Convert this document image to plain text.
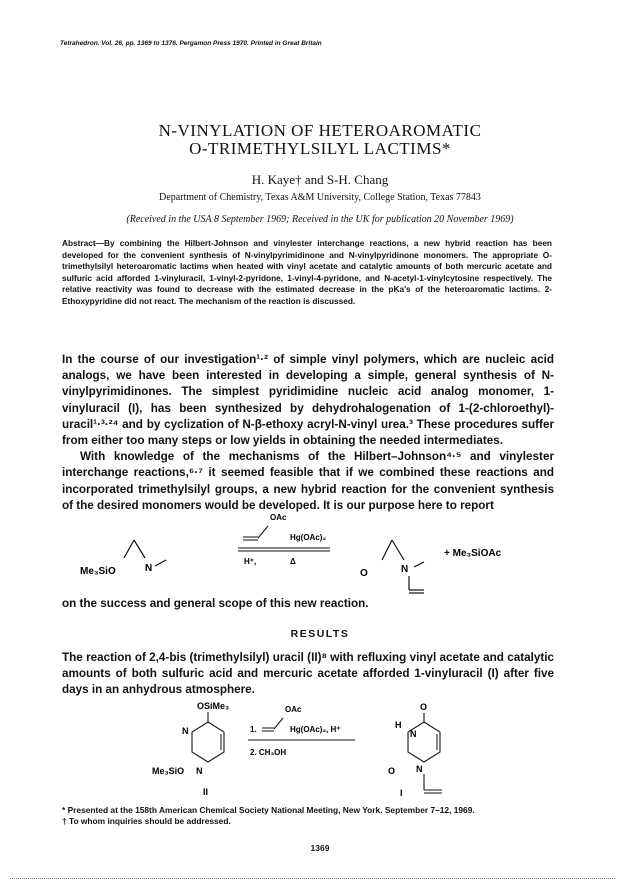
Tetrahedron. Vol. 26, pp. 1369 to 1376. Pergamon Press 1970. Printed in Great Britain
N-VINYLATION OF HETEROAROMATIC
O-TRIMETHYLSILYL LACTIMS*
H. Kaye† and S-H. Chang
Department of Chemistry, Texas A&M University, College Station, Texas 77843
(Received in the USA 8 September 1969; Received in the UK for publication 20 November 1969)
Abstract—By combining the Hilbert-Johnson and vinylester interchange reactions, a new hybrid reaction has been developed for the convenient synthesis of N-vinylpyrimidinone and N-vinylpyridinone monomers. The appropriate O-trimethylsilyl heteroaromatic lactims when heated with vinyl acetate and catalytic amounts of both mercuric acetate and sulfuric acid afforded 1-vinyluracil, 1-vinyl-2-pyridone, 1-vinyl-4-pyridone, and N-acetyl-1-vinylcytosine respectively. The relative reactivity was found to decrease with the estimated decrease in the pKa's of the heteroaromatic lactims. 2-Ethoxypyridine did not react. The mechanism of the reaction is discussed.

In the course of our investigation¹·² of simple vinyl polymers, which are nucleic acid analogs, we have been interested in developing a simple, general synthesis of N-vinylpyrimidinones. The simplest pyridimidine nucleic acid analog monomer, 1-vinyluracil (I), has been synthesized by dehydrohalogenation of 1-(2-chloroethyl)-uracil¹·³·²⁴ and by cyclization of N-β-ethoxy acryl-N-vinyl urea.³ These procedures suffer from either too many steps or low yields in obtaining the needed intermediates.

With knowledge of the mechanisms of the Hilbert–Johnson⁴·⁵ and vinylester interchange reactions,⁶·⁷ it seemed feasible that if we combined these reactions and incorporated trimethylsilyl groups, a new hybrid reaction for the convenient synthesis of the desired monomers would be developed. It is our purpose here to report

Me₃SiO	N
OAc
Hg(OAc)₂
H⁺,	Δ
O	N
+ Me₃SiOAc
on the success and general scope of this new reaction.
RESULTS
The reaction of 2,4-bis (trimethylsilyl) uracil (II)⁸ with refluxing vinyl acetate and catalytic amounts of both sulfuric acid and mercuric acetate afforded 1-vinyluracil (I) after five days in an anhydrous atmosphere.
OSiMe₃
N
N
Me₃SiO
II
OAc
1.	Hg(OAc)₂, H⁺
2. CH₃OH
H
O
N
O N
I

* Presented at the 158th American Chemical Society National Meeting, New York. September 7–12, 1969.

† To whom inquiries should be addressed.

1369
